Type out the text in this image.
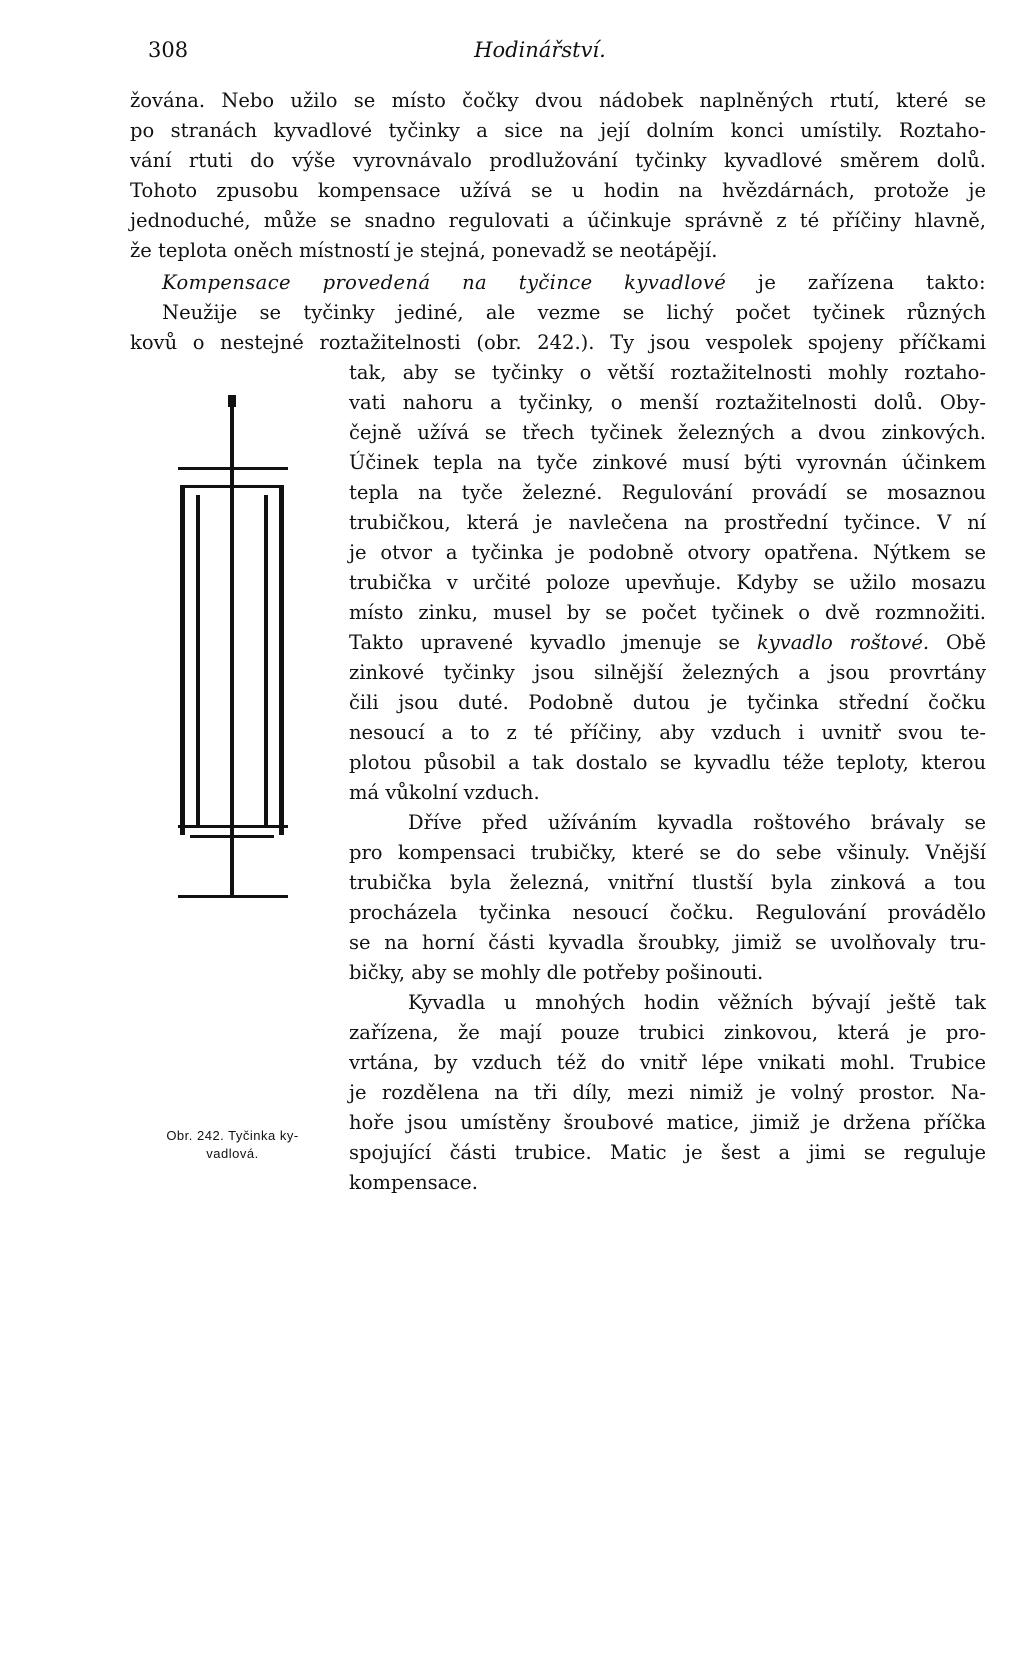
308	Hodinářství.
žována. Nebo užilo se místo čočky dvou nádobek naplněných rtutí, které se
po stranách kyvadlové tyčinky a sice na její dolním konci umístily. Roztaho-
vání rtuti do výše vyrovnávalo prodlužování tyčinky kyvadlové směrem dolů.
Tohoto zpusobu kompensace užívá se u hodin na hvězdárnách, protože je
jednoduché, může se snadno regulovati a účinkuje správně z té příčiny hlavně,
že teplota oněch místností je stejná, ponevadž se neotápějí.
Kompensace provedená na tyčince kyvadlové je zařízena takto:
Neužije se tyčinky jediné, ale vezme se lichý počet tyčinek různých
kovů o nestejné roztažitelnosti (obr. 242.). Ty jsou vespolek spojeny příčkami
tak, aby se tyčinky o větší roztažitelnosti mohly roztaho-
vati nahoru a tyčinky, o menší roztažitelnosti dolů. Oby-
čejně užívá se třech tyčinek železných a dvou zinkových.
Účinek tepla na tyče zinkové musí býti vyrovnán účinkem
tepla na tyče železné. Regulování provádí se mosaznou
trubičkou, která je navlečena na prostřední tyčince. V ní
je otvor a tyčinka je podobně otvory opatřena. Nýtkem se
trubička v určité poloze upevňuje. Kdyby se užilo mosazu
místo zinku, musel by se počet tyčinek o dvě rozmnožiti.
Takto upravené kyvadlo jmenuje se kyvadlo roštové. Obě
zinkové tyčinky jsou silnější železných a jsou provrtány
čili jsou duté. Podobně dutou je tyčinka střední čočku
nesoucí a to z té příčiny, aby vzduch i uvnitř svou te-
plotou působil a tak dostalo se kyvadlu téže teploty, kterou
má vůkolní vzduch.
Dříve před užíváním kyvadla roštového brávaly se
pro kompensaci trubičky, které se do sebe všinuly. Vnější
trubička byla železná, vnitřní tlustší byla zinková a tou
procházela tyčinka nesoucí čočku. Regulování provádělo
se na horní části kyvadla šroubky, jimiž se uvolňovaly tru-
bičky, aby se mohly dle potřeby pošinouti.
Kyvadla u mnohých hodin věžních bývají ještě tak
zařízena, že mají pouze trubici zinkovou, která je pro-
vrtána, by vzduch též do vnitř lépe vnikati mohl. Trubice
je rozdělena na tři díly, mezi nimiž je volný prostor. Na-
hoře jsou umístěny šroubové matice, jimiž je držena příčka
spojující části trubice. Matic je šest a jimi se reguluje
kompensace.
Obr. 242. Tyčinka ky-
vadlová.
